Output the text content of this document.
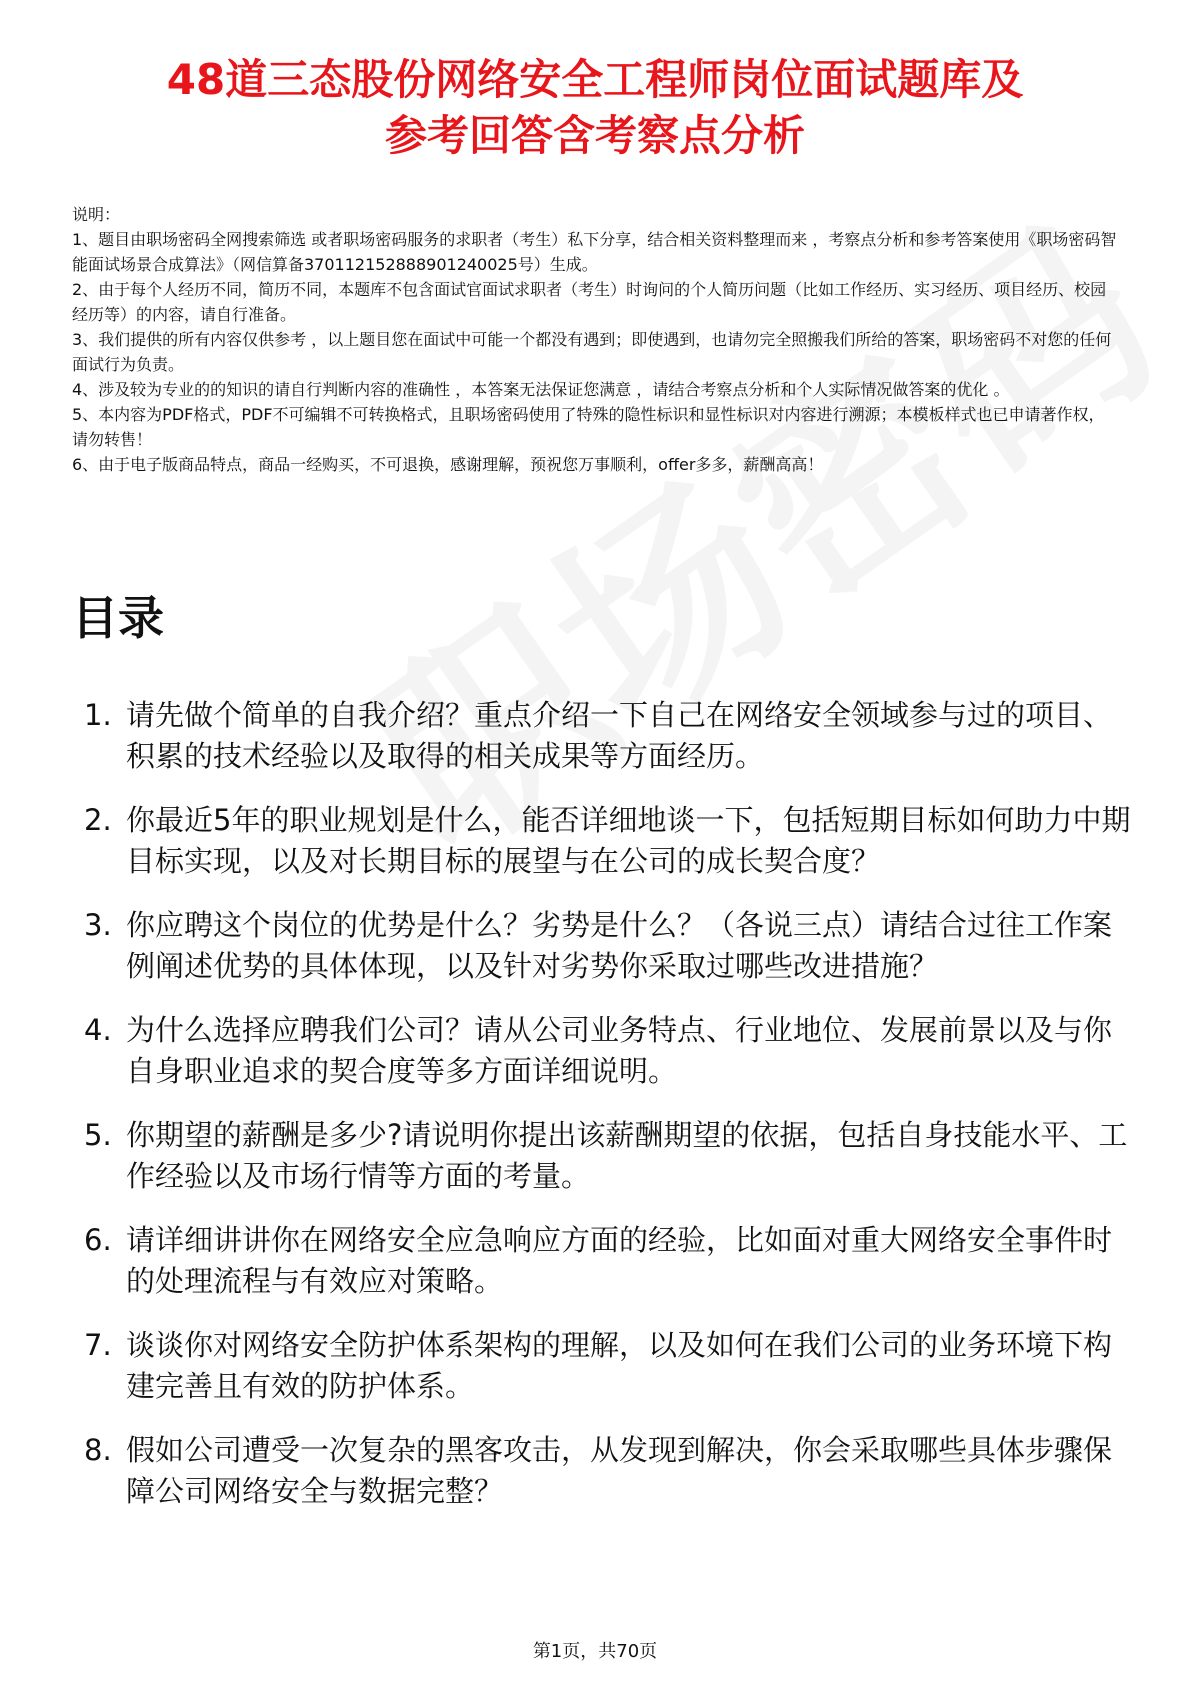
48道三态股份网络安全工程师岗位面试题库及
参考回答含考察点分析

说明：

1、题目由职场密码全网搜索筛选 或者职场密码服务的求职者（考生）私下分享，结合相关资料整理而来 ，考察点分析和参考答案使用《职场密码智能面试场景合成算法》（网信算备370112152888901240025号）生成。

2、由于每个人经历不同，简历不同，本题库不包含面试官面试求职者（考生）时询问的个人简历问题（比如工作经历、实习经历、项目经历、校园经历等）的内容，请自行准备。

3、我们提供的所有内容仅供参考 ，以上题目您在面试中可能一个都没有遇到；即使遇到，也请勿完全照搬我们所给的答案，职场密码不对您的任何面试行为负责。

4、涉及较为专业的的知识的请自行判断内容的准确性 ，本答案无法保证您满意 ，请结合考察点分析和个人实际情况做答案的优化 。

5、本内容为PDF格式，PDF不可编辑不可转换格式，且职场密码使用了特殊的隐性标识和显性标识对内容进行溯源；本模板样式也已申请著作权，请勿转售！

6、由于电子版商品特点，商品一经购买，不可退换，感谢理解，预祝您万事顺利，offer多多，薪酬高高！

目录
1. 请先做个简单的自我介绍？重点介绍一下自己在网络安全领域参与过的项目、积累的技术经验以及取得的相关成果等方面经历。
2. 你最近5年的职业规划是什么，能否详细地谈一下，包括短期目标如何助力中期目标实现，以及对长期目标的展望与在公司的成长契合度？
3. 你应聘这个岗位的优势是什么？劣势是什么？（各说三点）请结合过往工作案例阐述优势的具体体现，以及针对劣势你采取过哪些改进措施？
4. 为什么选择应聘我们公司？请从公司业务特点、行业地位、发展前景以及与你自身职业追求的契合度等多方面详细说明。
5. 你期望的薪酬是多少?请说明你提出该薪酬期望的依据，包括自身技能水平、工作经验以及市场行情等方面的考量。
6. 请详细讲讲你在网络安全应急响应方面的经验，比如面对重大网络安全事件时的处理流程与有效应对策略。
7. 谈谈你对网络安全防护体系架构的理解，以及如何在我们公司的业务环境下构建完善且有效的防护体系。
8. 假如公司遭受一次复杂的黑客攻击，从发现到解决，你会采取哪些具体步骤保障公司网络安全与数据完整？
第1页，共70页
